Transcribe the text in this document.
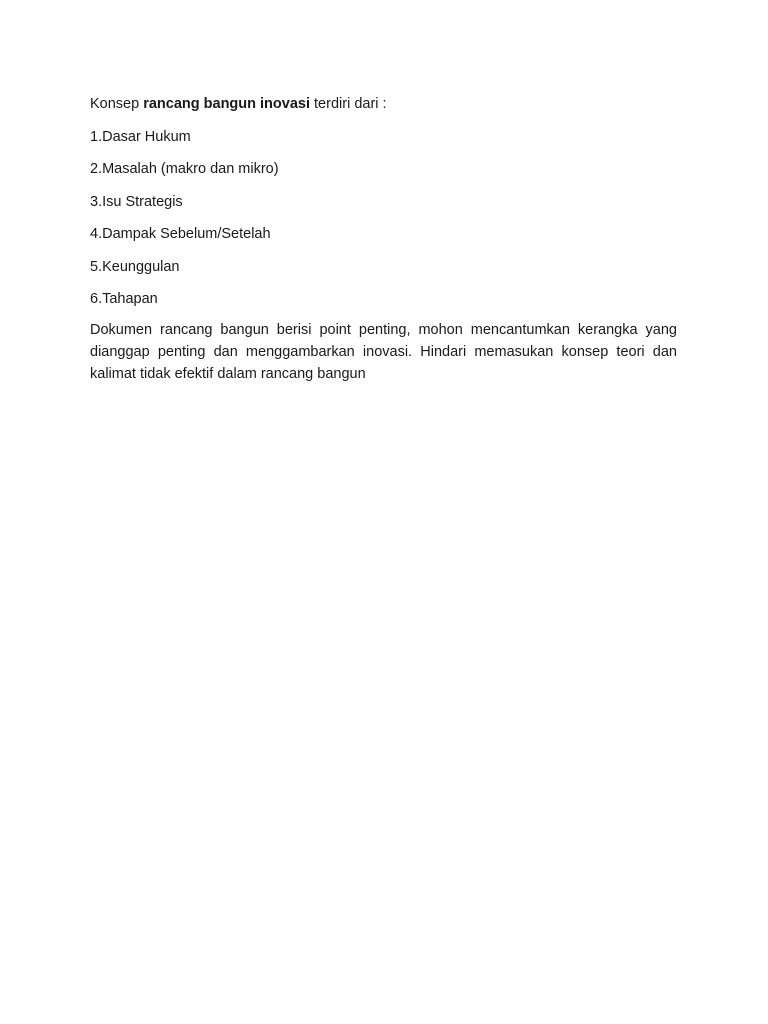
Konsep rancang bangun inovasi terdiri dari :

1.Dasar Hukum
2.Masalah (makro dan mikro)
3.Isu Strategis
4.Dampak Sebelum/Setelah
5.Keunggulan
6.Tahapan

Dokumen rancang bangun berisi point penting, mohon mencantumkan kerangka yang dianggap penting dan menggambarkan inovasi. Hindari memasukan konsep teori dan kalimat tidak efektif dalam rancang bangun
